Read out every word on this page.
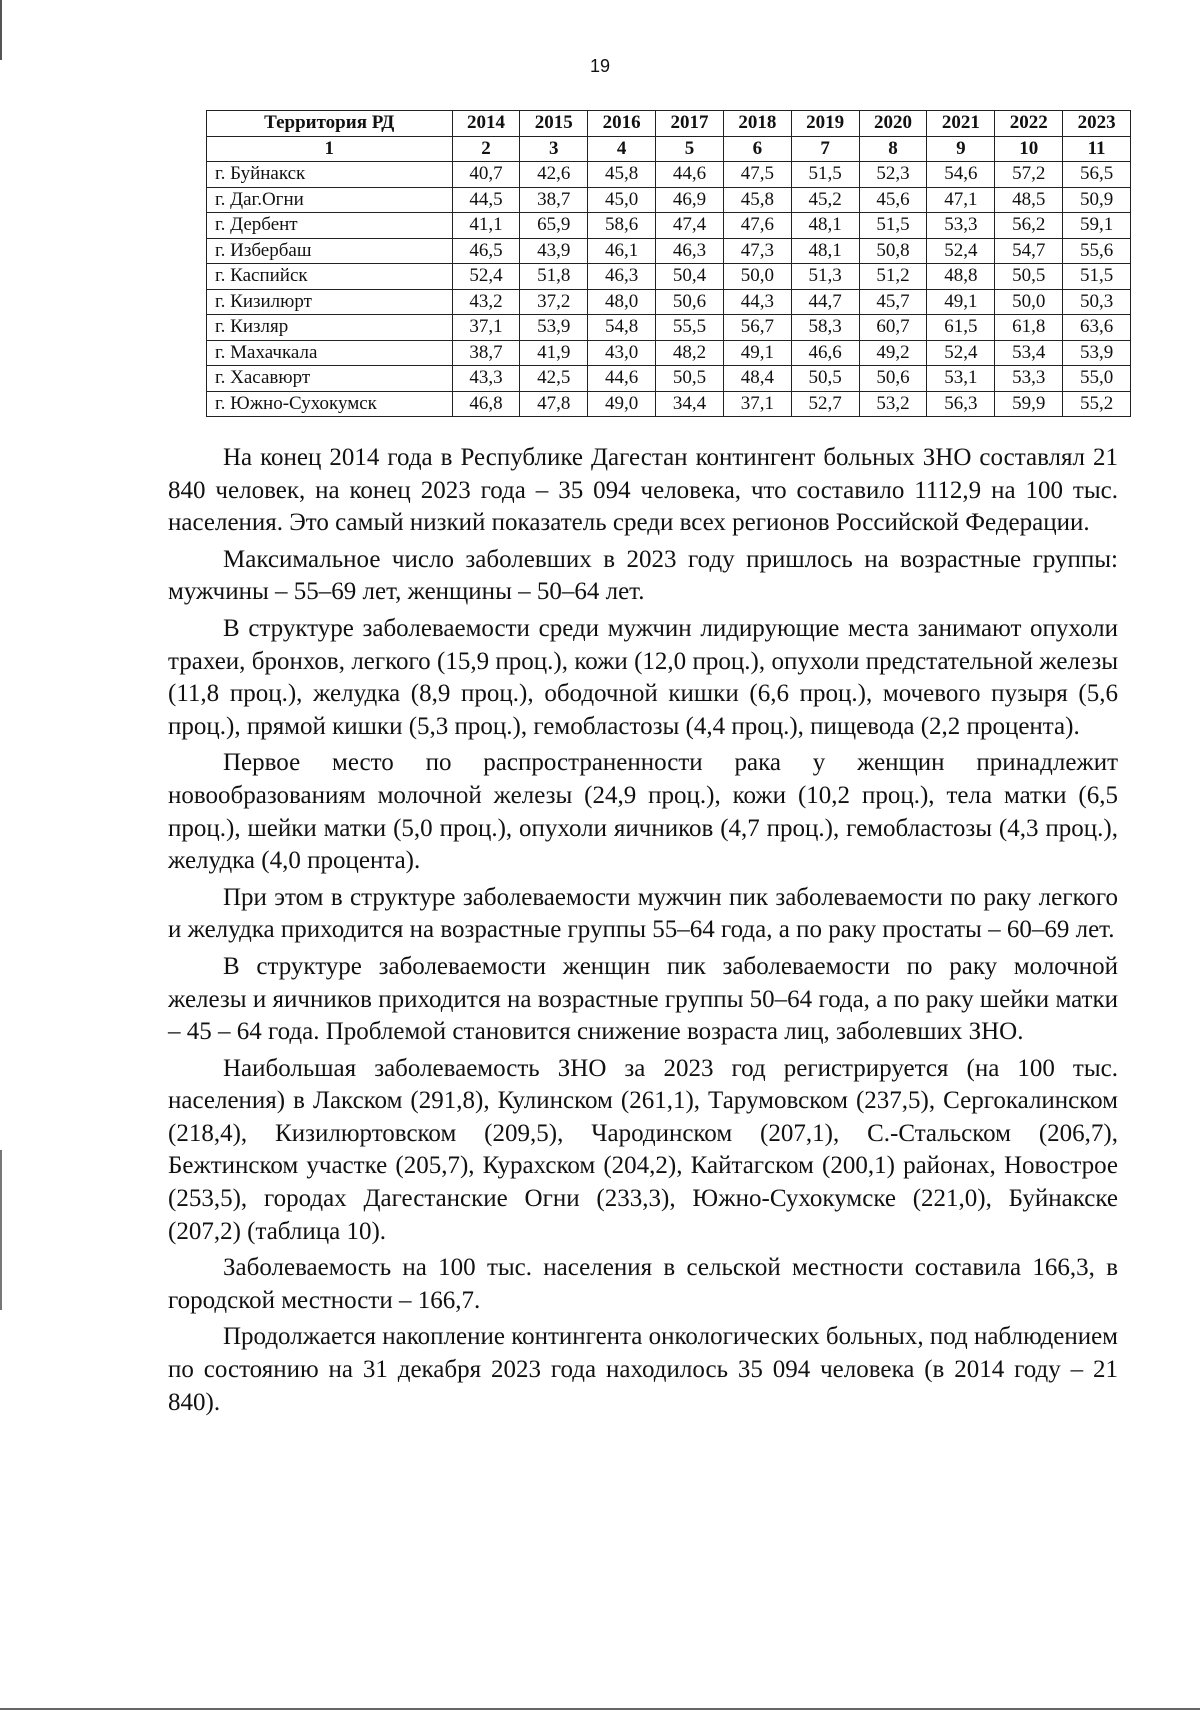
19
Территория РД	2014	2015	2016	2017	2018	2019	2020	2021	2022	2023
1	2	3	4	5	6	7	8	9	10	11
г. Буйнакск	40,7	42,6	45,8	44,6	47,5	51,5	52,3	54,6	57,2	56,5
г. Даг.Огни	44,5	38,7	45,0	46,9	45,8	45,2	45,6	47,1	48,5	50,9
г. Дербент	41,1	65,9	58,6	47,4	47,6	48,1	51,5	53,3	56,2	59,1
г. Избербаш	46,5	43,9	46,1	46,3	47,3	48,1	50,8	52,4	54,7	55,6
г. Каспийск	52,4	51,8	46,3	50,4	50,0	51,3	51,2	48,8	50,5	51,5
г. Кизилюрт	43,2	37,2	48,0	50,6	44,3	44,7	45,7	49,1	50,0	50,3
г. Кизляр	37,1	53,9	54,8	55,5	56,7	58,3	60,7	61,5	61,8	63,6
г. Махачкала	38,7	41,9	43,0	48,2	49,1	46,6	49,2	52,4	53,4	53,9
г. Хасавюрт	43,3	42,5	44,6	50,5	48,4	50,5	50,6	53,1	53,3	55,0
г. Южно-Сухокумск	46,8	47,8	49,0	34,4	37,1	52,7	53,2	56,3	59,9	55,2

На конец 2014 года в Республике Дагестан контингент больных ЗНО составлял 21 840 человек, на конец 2023 года – 35 094 человека, что составило 1112,9 на 100 тыс. населения. Это самый низкий показатель среди всех регионов Российской Федерации.

Максимальное число заболевших в 2023 году пришлось на возрастные группы: мужчины – 55–69 лет, женщины – 50–64 лет.

В структуре заболеваемости среди мужчин лидирующие места занимают опухоли трахеи, бронхов, легкого (15,9 проц.), кожи (12,0 проц.), опухоли предстательной железы (11,8 проц.), желудка (8,9 проц.), ободочной кишки (6,6 проц.), мочевого пузыря (5,6 проц.), прямой кишки (5,3 проц.), гемобластозы (4,4 проц.), пищевода (2,2 процента).

Первое место по распространенности рака у женщин принадлежит новообразованиям молочной железы (24,9 проц.), кожи (10,2 проц.), тела матки (6,5 проц.), шейки матки (5,0 проц.), опухоли яичников (4,7 проц.), гемобластозы (4,3 проц.), желудка (4,0 процента).

При этом в структуре заболеваемости мужчин пик заболеваемости по раку легкого и желудка приходится на возрастные группы 55–64 года, а по раку простаты – 60–69 лет.

В структуре заболеваемости женщин пик заболеваемости по раку молочной железы и яичников приходится на возрастные группы 50–64 года, а по раку шейки матки – 45 – 64 года. Проблемой становится снижение возраста лиц, заболевших ЗНО.

Наибольшая заболеваемость ЗНО за 2023 год регистрируется (на 100 тыс. населения) в Лакском (291,8), Кулинском (261,1), Тарумовском (237,5), Сергокалинском (218,4), Кизилюртовском (209,5), Чародинском (207,1), С.-Стальском (206,7), Бежтинском участке (205,7), Курахском (204,2), Кайтагском (200,1) районах, Новострое (253,5), городах Дагестанские Огни (233,3), Южно-Сухокумске (221,0), Буйнакске (207,2) (таблица 10).

Заболеваемость на 100 тыс. населения в сельской местности составила 166,3, в городской местности – 166,7.

Продолжается накопление контингента онкологических больных, под наблюдением по состоянию на 31 декабря 2023 года находилось 35 094 человека (в 2014 году – 21 840).
